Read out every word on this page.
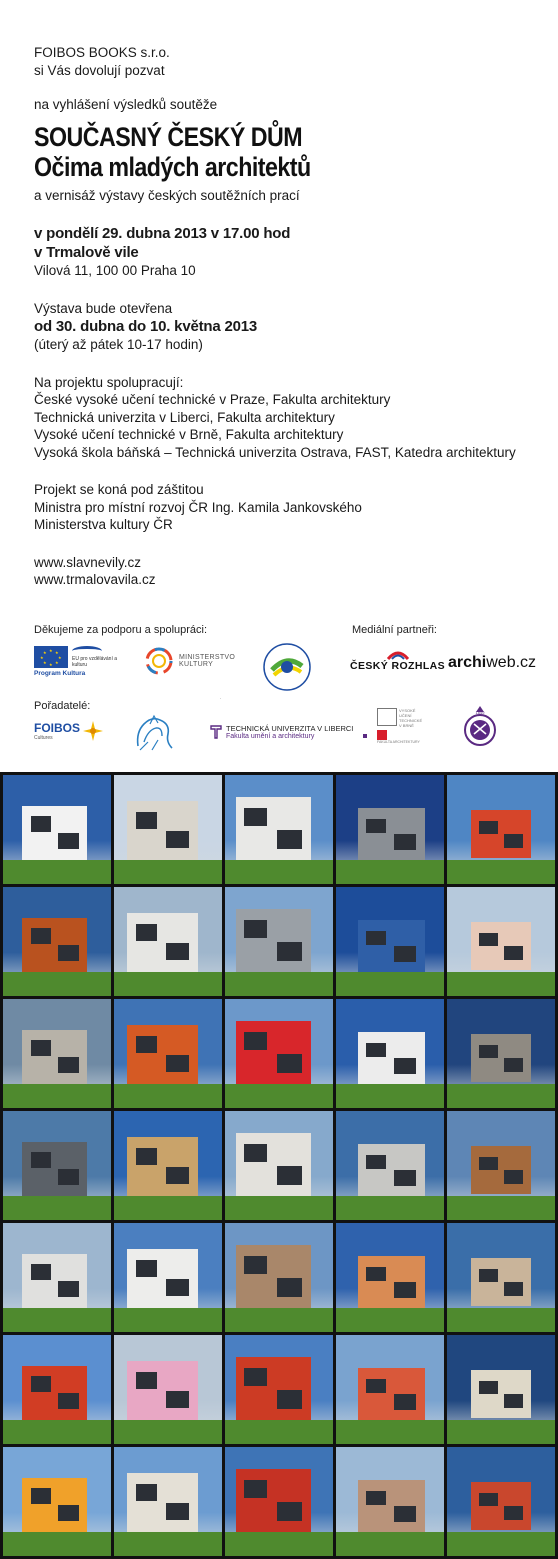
FOIBOS BOOKS s.r.o.
si Vás dovolují pozvat
na vyhlášení výsledků soutěže
SOUČASNÝ ČESKÝ DŮM
Očima mladých architektů
a vernisáž výstavy českých soutěžních prací
v pondělí 29. dubna 2013 v 17.00 hod
v Trmalově vile
Vilová 11, 100 00 Praha 10
Výstava bude otevřena
od 30. dubna do 10. května 2013
(úterý až pátek 10-17 hodin)
Na projektu spolupracují:
České vysoké učení technické v Praze, Fakulta architektury
Technická univerzita v Liberci, Fakulta architektury
Vysoké učení technické v Brně, Fakulta architektury
Vysoká škola báňská – Technická univerzita Ostrava, FAST, Katedra architektury
Projekt se koná pod záštitou
Ministra pro místní rozvoj ČR Ing. Kamila Jankovského
Ministerstva kultury ČR
www.slavnevily.cz
www.trmalovavila.cz
Děkujeme za podporu a spolupráci:	Mediální partneři:
★ ★
★
★
★
★
★
★
EU pro vzdělávání a kulturu
Program Kultura
MINISTERSTVO
KULTURY	ČESKÝ ROZHLAS archi web.cz
Pořadatelé:
FOIBOS
Cultures
TECHNICKÁ UNIVERZITA V LIBERCI
Fakulta umění a architektury
VYSOKÉ UČENÍ TECHNICKÉ V BRNĚ
FAKULTA ARCHITEKTURY
1849
